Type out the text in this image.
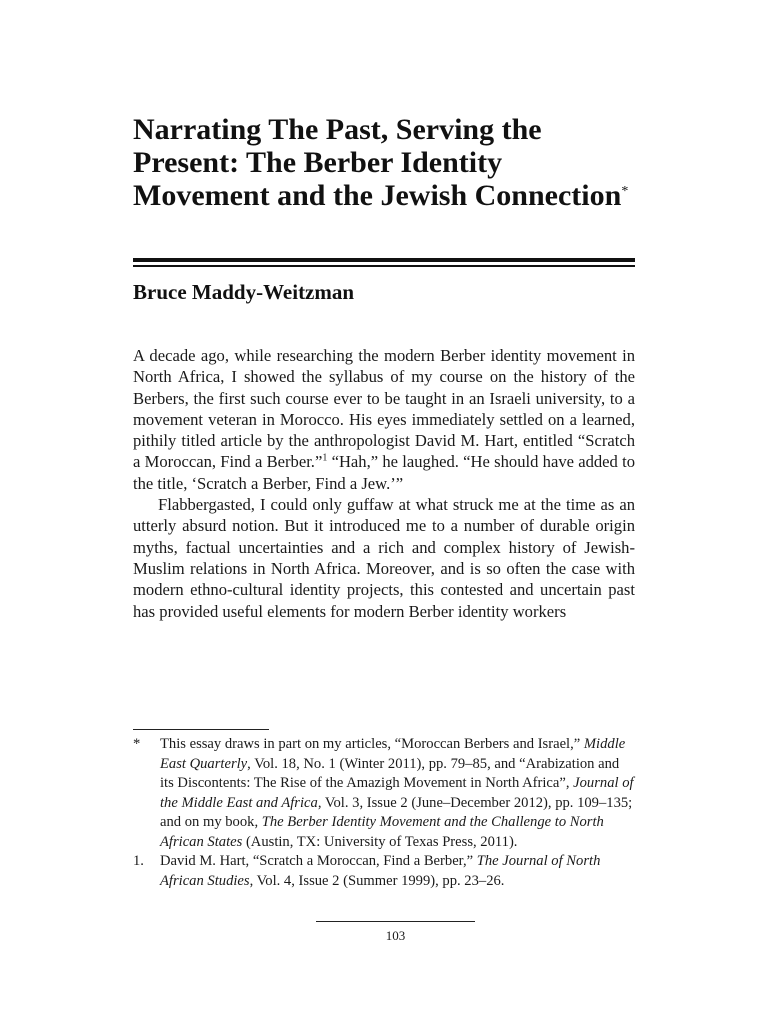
Narrating The Past, Serving the Present: The Berber Identity Movement and the Jewish Connection*
Bruce Maddy-Weitzman

A decade ago, while researching the modern Berber identity movement in North Africa, I showed the syllabus of my course on the history of the Berbers, the first such course ever to be taught in an Israeli university, to a movement veteran in Morocco. His eyes immediately settled on a learned, pithily titled article by the anthropologist David M. Hart, entitled “Scratch a Moroccan, Find a Berber.”$^1$ “Hah,” he laughed. “He should have added to the title, ‘Scratch a Berber, Find a Jew.’”

Flabbergasted, I could only guffaw at what struck me at the time as an utterly absurd notion. But it introduced me to a number of durable origin myths, factual uncertainties and a rich and complex history of Jewish-Muslim relations in North Africa. Moreover, and is so often the case with modern ethno-cultural identity projects, this contested and uncertain past has provided useful elements for modern Berber identity workers

*	This essay draws in part on my articles, “Moroccan Berbers and Israel,” Middle East Quarterly, Vol. 18, No. 1 (Winter 2011), pp. 79–85, and “Arabization and its Discontents: The Rise of the Amazigh Movement in North Africa”, Journal of the Middle East and Africa, Vol. 3, Issue 2 (June–December 2012), pp. 109–135; and on my book, The Berber Identity Movement and the Challenge to North African States (Austin, TX: University of Texas Press, 2011).
1.	David M. Hart, “Scratch a Moroccan, Find a Berber,” The Journal of North African Studies, Vol. 4, Issue 2 (Summer 1999), pp. 23–26.
103
